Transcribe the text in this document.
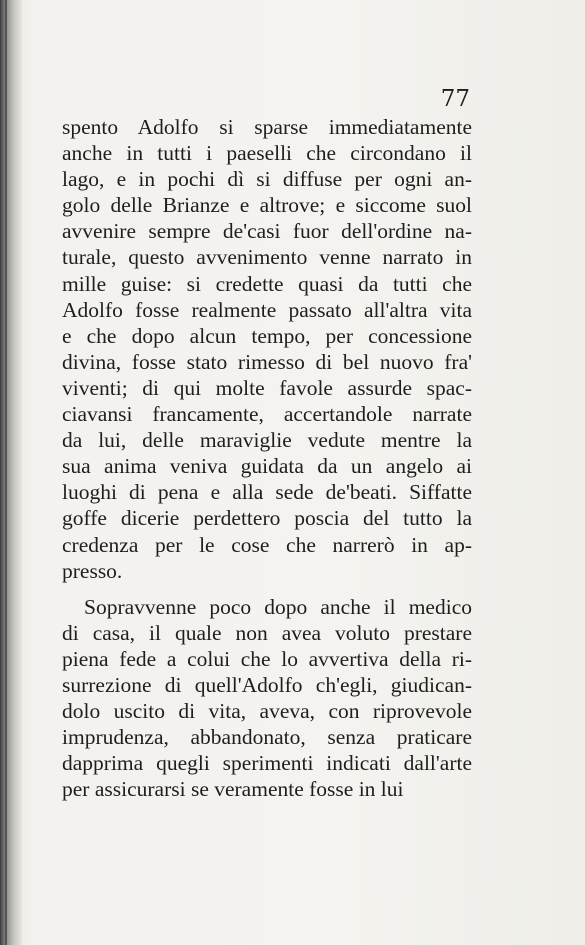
77

spento Adolfo si sparse immediatamente
anche in tutti i paeselli che circondano il
lago, e in pochi dì si diffuse per ogni an-
golo delle Brianze e altrove; e siccome suol
avvenire sempre de'casi fuor dell'ordine na-
turale, questo avvenimento venne narrato in
mille guise: si credette quasi da tutti che
Adolfo fosse realmente passato all'altra vita
e che dopo alcun tempo, per concessione
divina, fosse stato rimesso di bel nuovo fra'
viventi; di qui molte favole assurde spac-
ciavansi francamente, accertandole narrate
da lui, delle maraviglie vedute mentre la
sua anima veniva guidata da un angelo ai
luoghi di pena e alla sede de'beati. Siffatte
goffe dicerie perdettero poscia del tutto la
credenza per le cose che narrerò in ap-
presso.
Sopravvenne poco dopo anche il medico
di casa, il quale non avea voluto prestare
piena fede a colui che lo avvertiva della ri-
surrezione di quell'Adolfo ch'egli, giudican-
dolo uscito di vita, aveva, con riprovevole
imprudenza, abbandonato, senza praticare
dapprima quegli sperimenti indicati dall'arte
per assicurarsi se veramente fosse in lui
